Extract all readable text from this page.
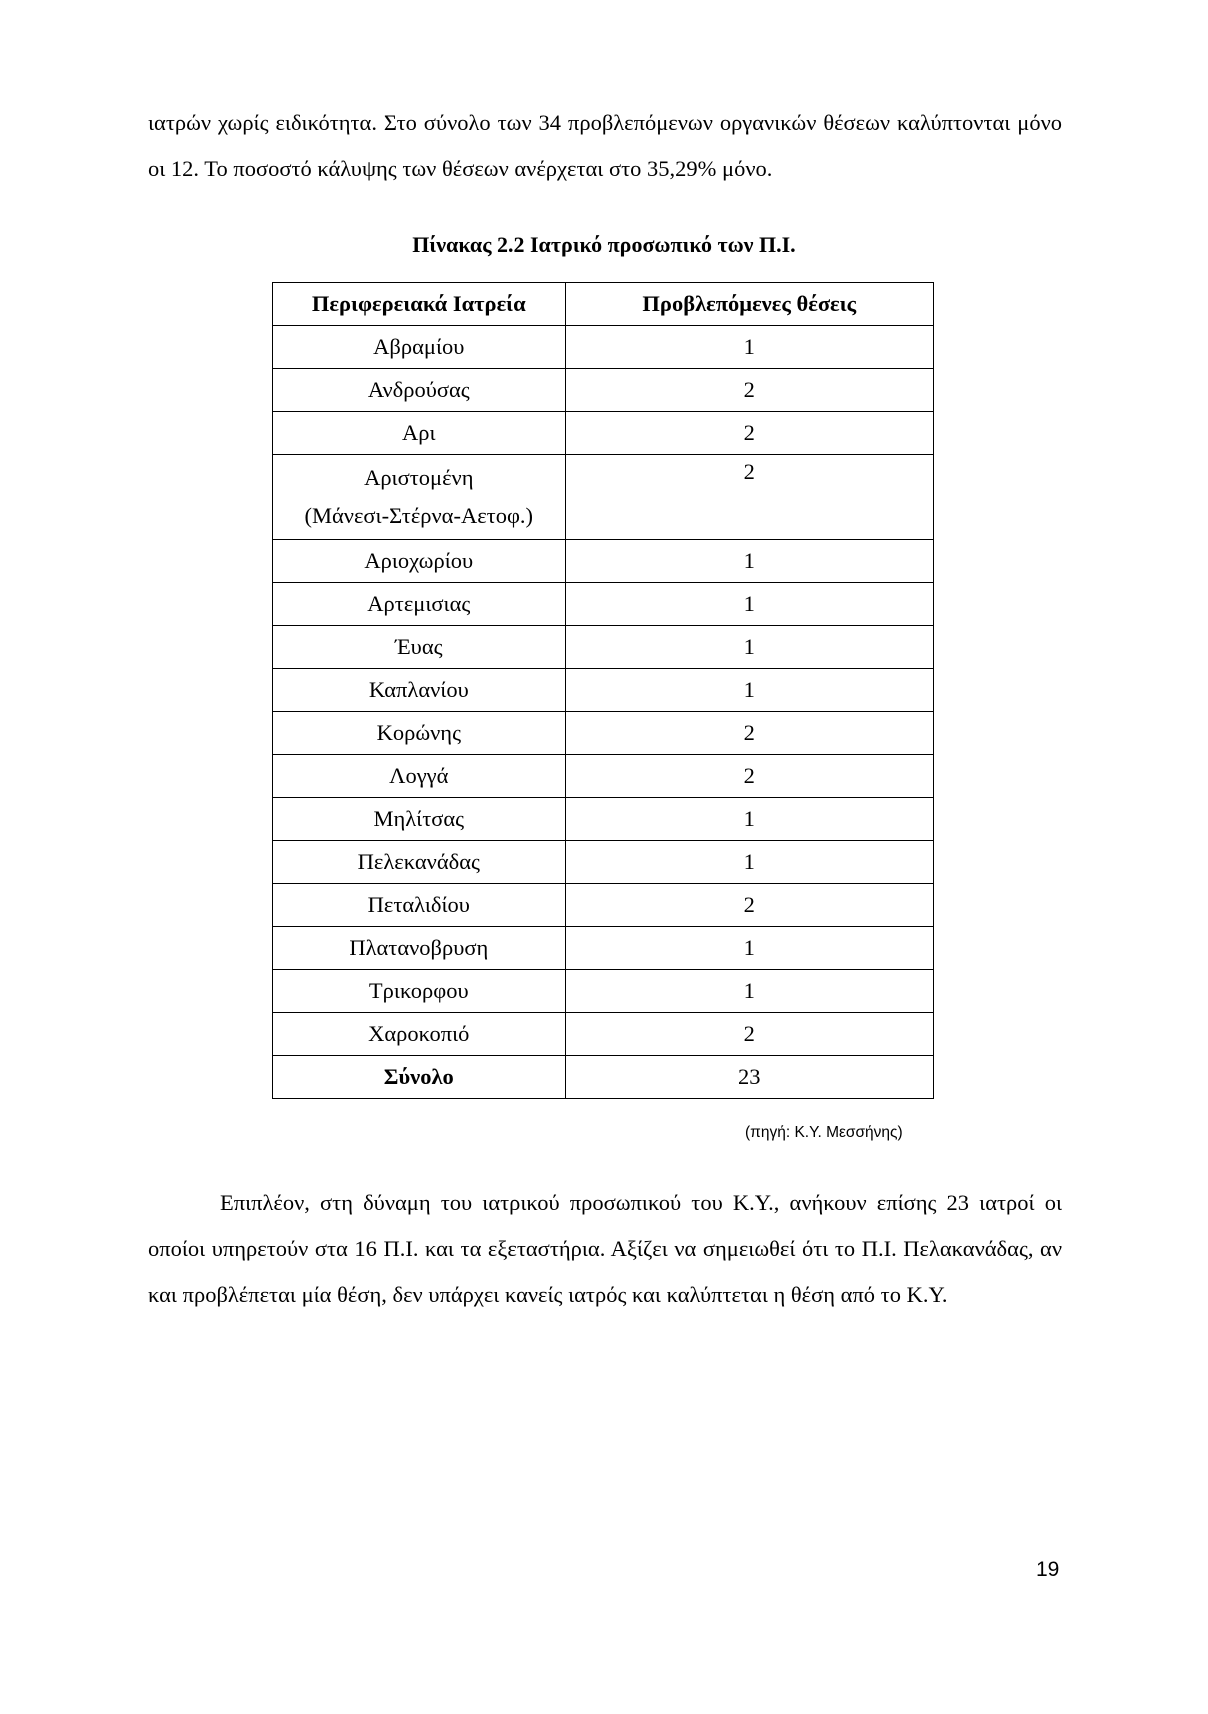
ιατρών χωρίς ειδικότητα. Στο σύνολο των 34 προβλεπόμενων οργανικών θέσεων καλύπτονται μόνο οι 12. Το ποσοστό κάλυψης των θέσεων ανέρχεται στο 35,29% μόνο.

Πίνακας 2.2 Ιατρικό προσωπικό των Π.Ι.

Περιφερειακά Ιατρεία	Προβλεπόμενες θέσεις
Αβραμίου	1
Ανδρούσας	2
Αρι	2

Αριστομένη
(Μάνεσι-Στέρνα-Αετοφ.)	2
Αριοχωρίου	1
Αρτεμισιας	1
Έυας	1
Καπλανίου	1
Κορώνης	2
Λογγά	2
Μηλίτσας	1
Πελεκανάδας	1
Πεταλιδίου	2
Πλατανοβρυση	1
Τρικορφου	1
Χαροκοπιό	2
Σύνολο	23

(πηγή: Κ.Υ. Μεσσήνης)

Επιπλέον, στη δύναμη του ιατρικού προσωπικού του Κ.Υ., ανήκουν επίσης 23 ιατροί οι οποίοι υπηρετούν στα 16 Π.Ι. και τα εξεταστήρια. Αξίζει να σημειωθεί ότι το Π.Ι. Πελακανάδας, αν και προβλέπεται μία θέση, δεν υπάρχει κανείς ιατρός και καλύπτεται η θέση από το Κ.Υ.

19
